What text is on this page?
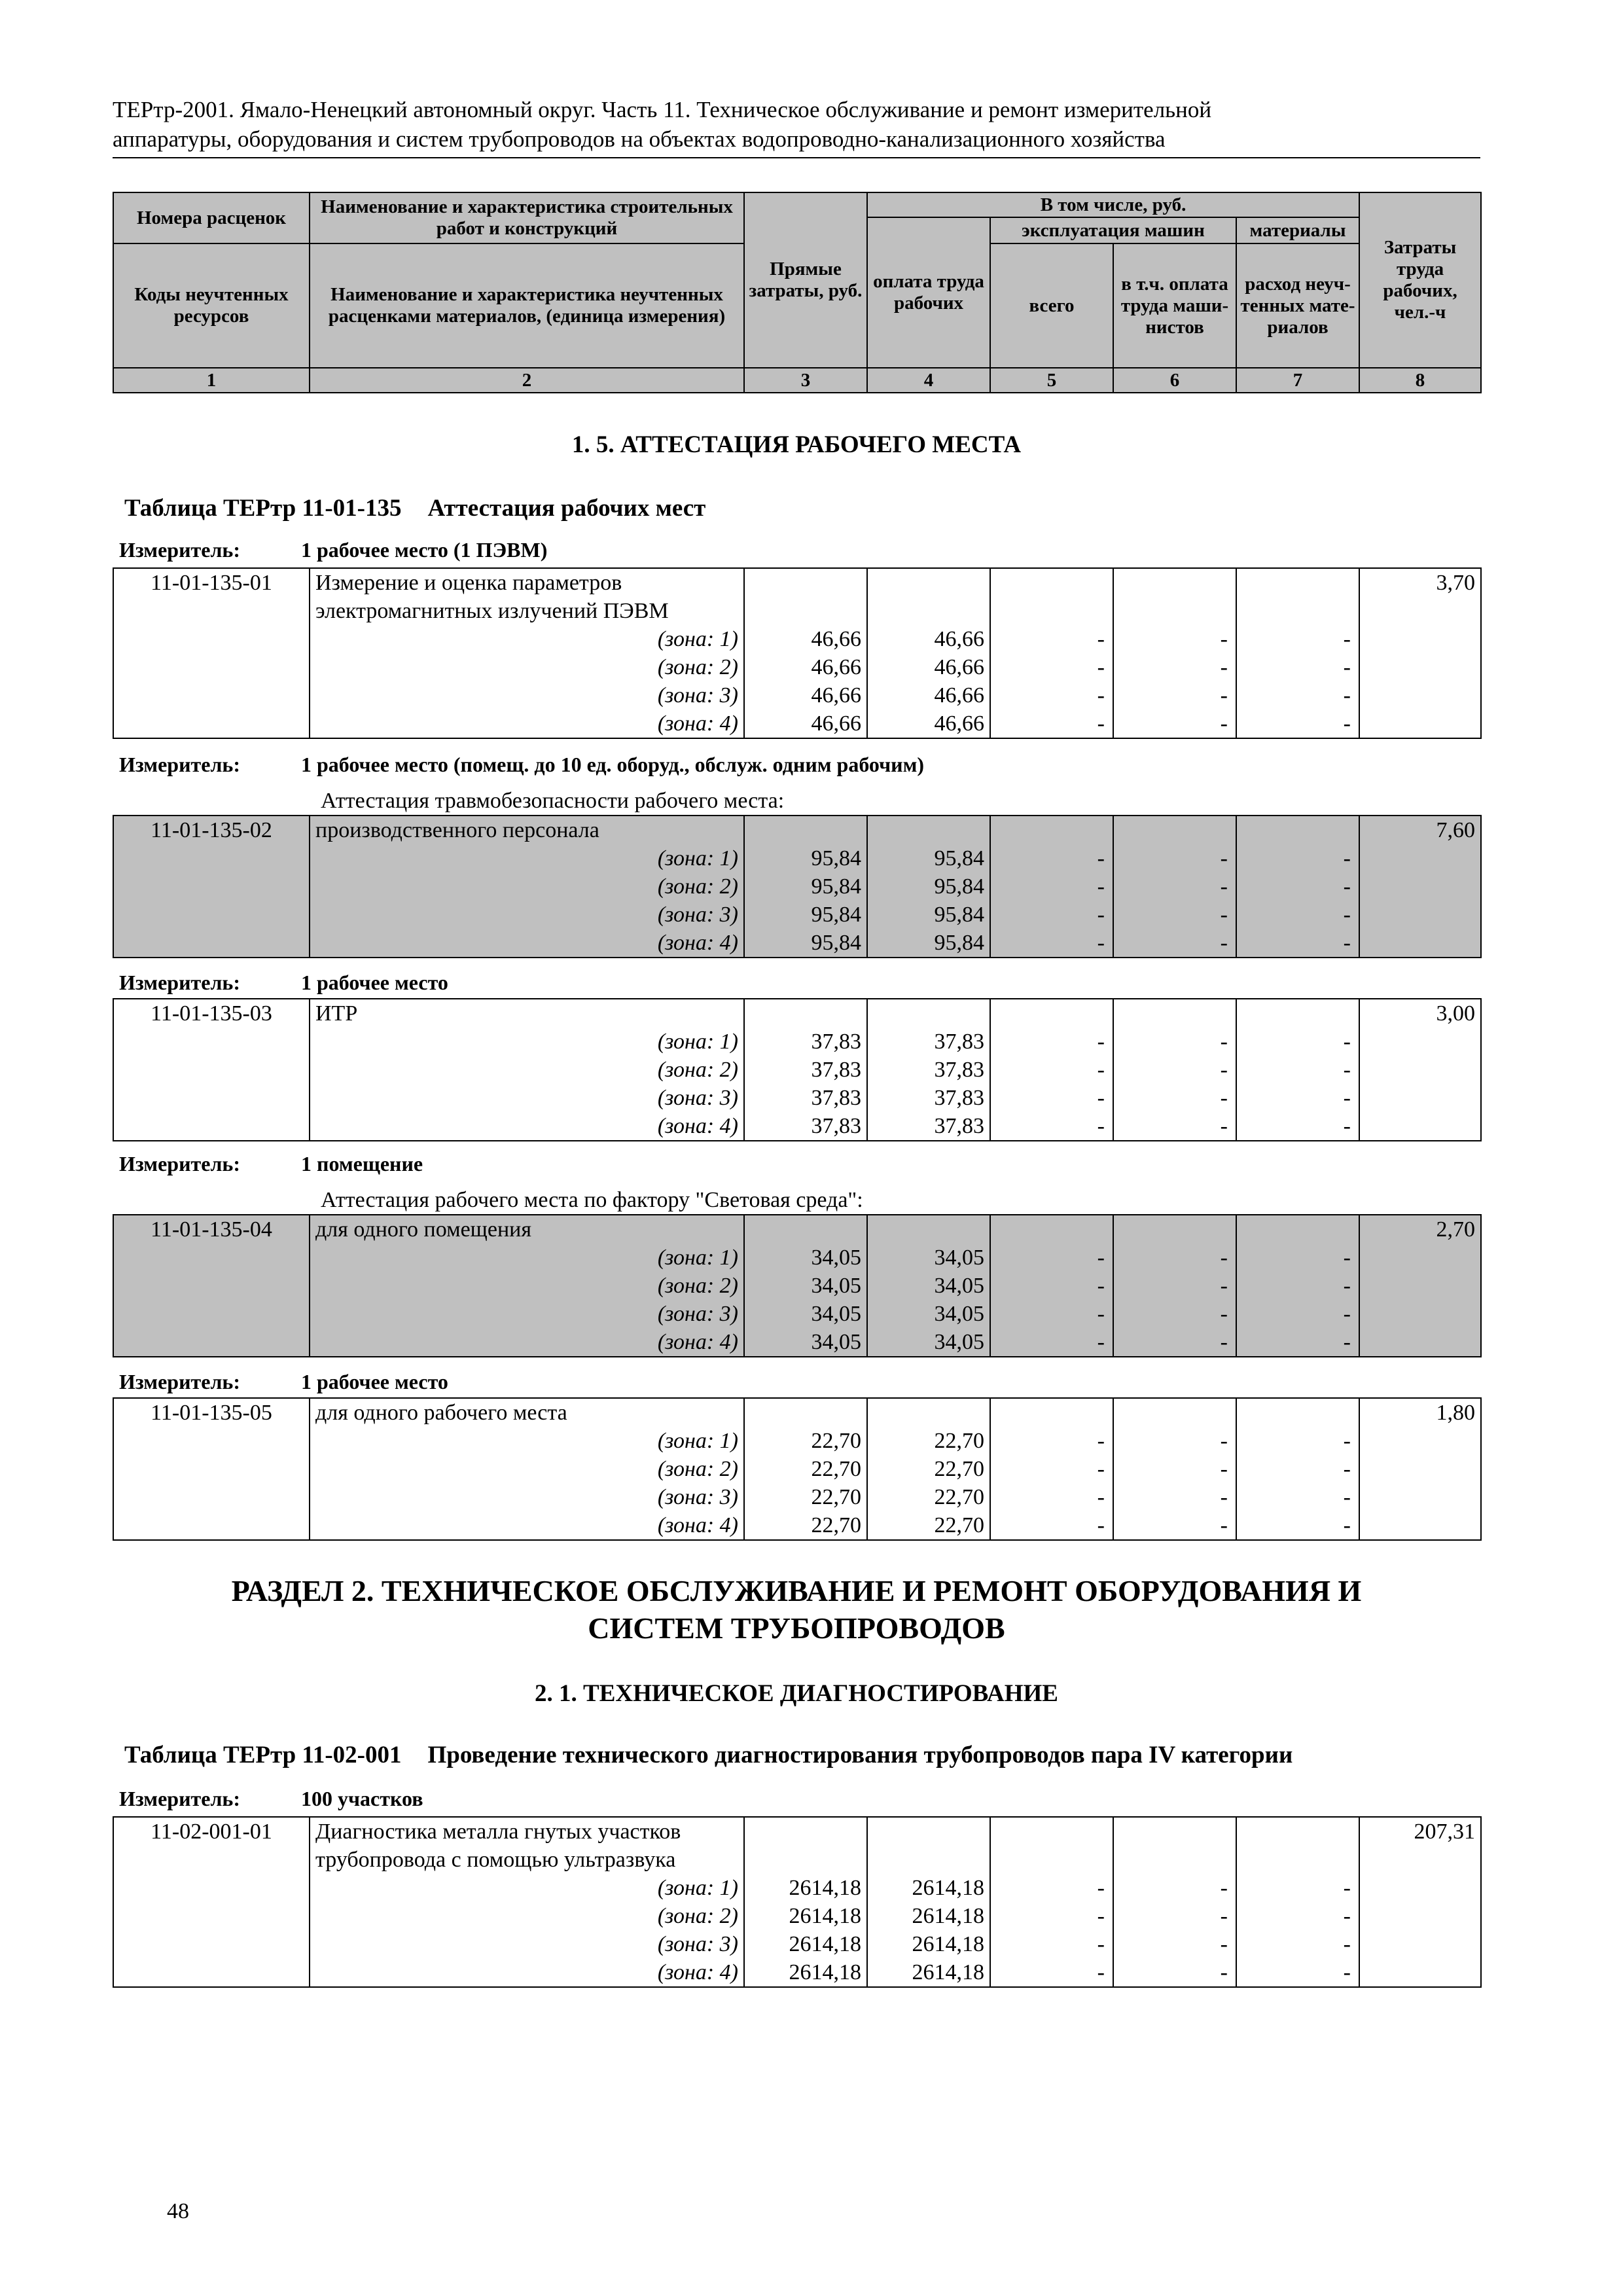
ТЕРтр-2001. Ямало-Ненецкий автономный округ. Часть 11. Техническое обслуживание и ремонт измерительной
аппаратуры, оборудования и систем трубопроводов на объектах водопроводно-канализационного хозяйства
Номера расценок	Наименование и характеристика строительных работ и конструкций	Прямые затраты, руб.	В том числе, руб.				Затраты труда рабочих, чел.-ч
			оплата труда рабочих	эксплуатация машин		материалы	
Коды неучтенных ресурсов	Наименование и характеристика неучтенных расценками материалов, (единица измерения)			всего	в т.ч. оплата труда маши-нистов	расход неуч-тенных мате-риалов	

1	2	3	4	5	6	7	8
1. 5. АТТЕСТАЦИЯ РАБОЧЕГО МЕСТА
Таблица ТЕРтр 11-01-135 Аттестация рабочих мест
Измеритель:	1 рабочее место (1 ПЭВМ)
11-01-135-01	Измерение и оценка параметров						3,70
	электромагнитных излучений ПЭВМ						
	(зона: 1)	46,66	46,66	-	-	-	
	(зона: 2)	46,66	46,66	-	-	-	
	(зона: 3)	46,66	46,66	-	-	-	
	(зона: 4)	46,66	46,66	-	-	-	
Измеритель:	1 рабочее место (помещ. до 10 ед. оборуд., обслуж. одним рабочим)
Аттестация травмобезопасности рабочего места:
11-01-135-02	производственного персонала						7,60
	(зона: 1)	95,84	95,84	-	-	-	
	(зона: 2)	95,84	95,84	-	-	-	
	(зона: 3)	95,84	95,84	-	-	-	
	(зона: 4)	95,84	95,84	-	-	-	
Измеритель:	1 рабочее место
11-01-135-03	ИТР						3,00
	(зона: 1)	37,83	37,83	-	-	-	
	(зона: 2)	37,83	37,83	-	-	-	
	(зона: 3)	37,83	37,83	-	-	-	
	(зона: 4)	37,83	37,83	-	-	-	
Измеритель:	1 помещение
Аттестация рабочего места по фактору "Световая среда":
11-01-135-04	для одного помещения						2,70
	(зона: 1)	34,05	34,05	-	-	-	
	(зона: 2)	34,05	34,05	-	-	-	
	(зона: 3)	34,05	34,05	-	-	-	
	(зона: 4)	34,05	34,05	-	-	-	
Измеритель:	1 рабочее место
11-01-135-05	для одного рабочего места						1,80
	(зона: 1)	22,70	22,70	-	-	-	
	(зона: 2)	22,70	22,70	-	-	-	
	(зона: 3)	22,70	22,70	-	-	-	
	(зона: 4)	22,70	22,70	-	-	-	
РАЗДЕЛ 2. ТЕХНИЧЕСКОЕ ОБСЛУЖИВАНИЕ И РЕМОНТ ОБОРУДОВАНИЯ И
СИСТЕМ ТРУБОПРОВОДОВ
2. 1. ТЕХНИЧЕСКОЕ ДИАГНОСТИРОВАНИЕ
Таблица ТЕРтр 11-02-001 Проведение технического диагностирования трубопроводов пара IV категории
Измеритель:	100 участков
11-02-001-01	Диагностика металла гнутых участков						207,31
	трубопровода с помощью ультразвука						
	(зона: 1)	2614,18	2614,18	-	-	-	
	(зона: 2)	2614,18	2614,18	-	-	-	
	(зона: 3)	2614,18	2614,18	-	-	-	
	(зона: 4)	2614,18	2614,18	-	-	-	
48
